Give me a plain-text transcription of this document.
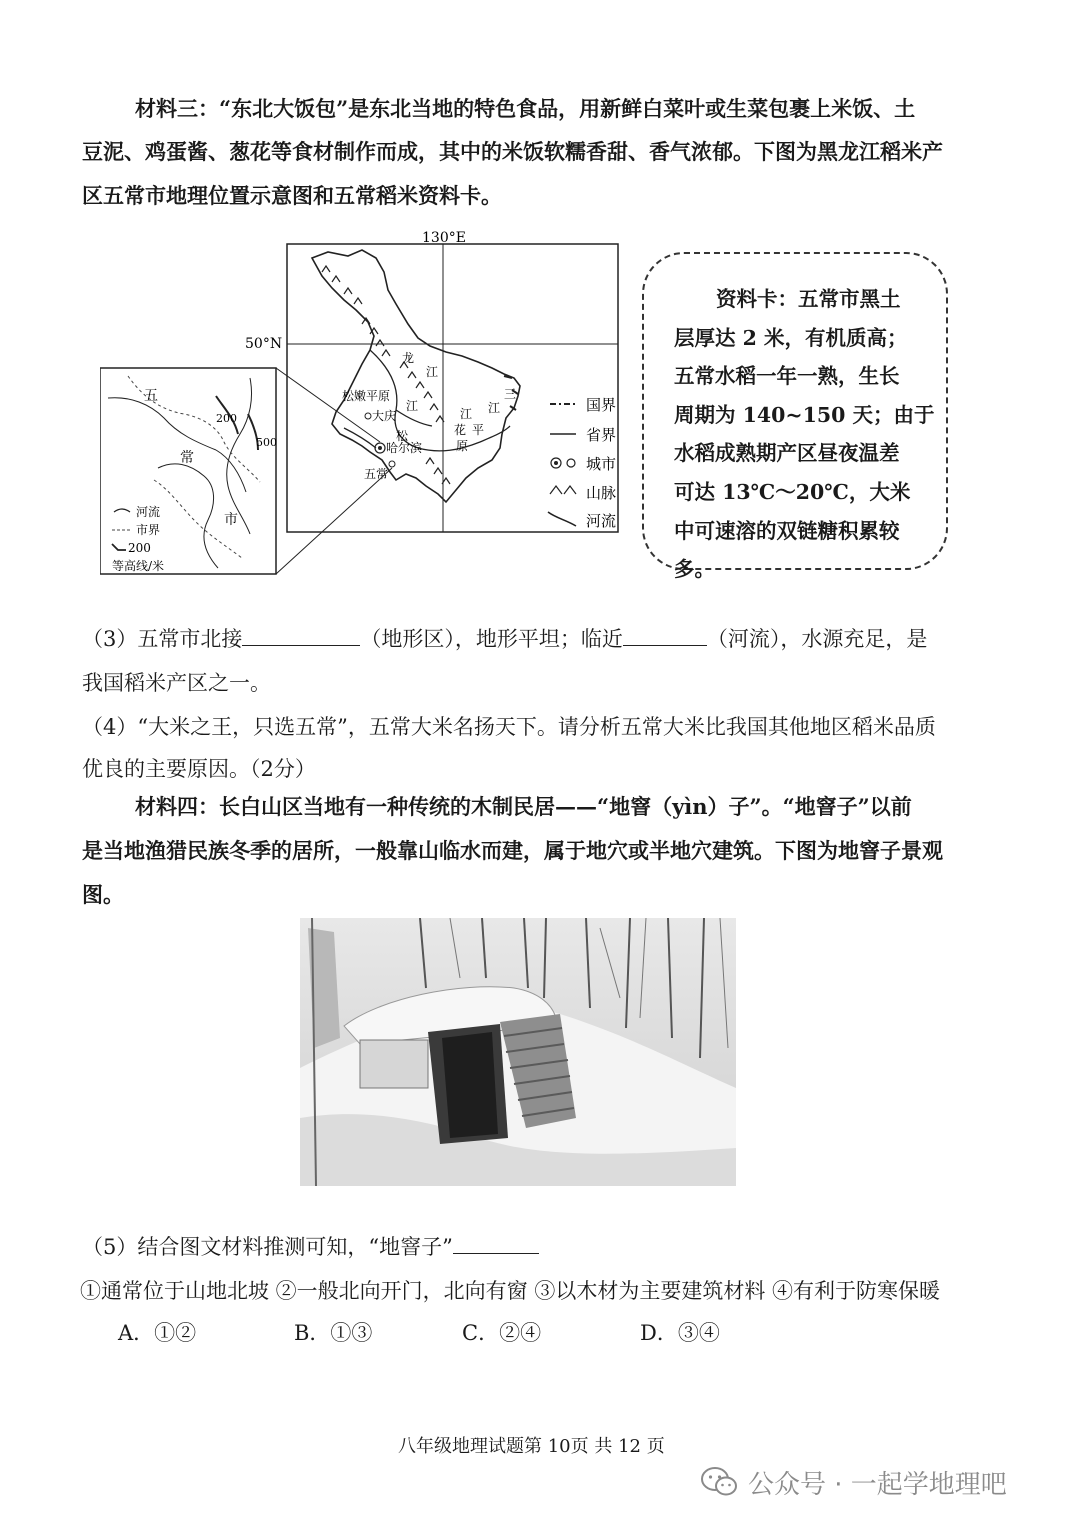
材料三：“东北大饭包”是东北当地的特色食品，用新鲜白菜叶或生菜包裹上米饭、土
豆泥、鸡蛋酱、葱花等食材制作而成，其中的米饭软糯香甜、香气浓郁。下图为黑龙江稻米产
区五常市地理位置示意图和五常稻米资料卡。
130°E
50°N
松嫩平原
大庆
哈尔滨
五常
松
江
花
江
龙
江
三
江
平
原
五
常
市
200
500
河流
市界
200
等高线/米
国界
省界
城市
山脉
河流
资料卡：五常市黑土
层厚达 2 米，有机质高；
五常水稻一年一熟，生长
周期为 140~150 天；由于
水稻成熟期产区昼夜温差
可达 13℃～20℃，大米
中可速溶的双链糖积累较
多。
（3）五常市北接	（地形区），地形平坦；临近	（河流），水源充足，是
我国稻米产区之一。
（4）“大米之王，只选五常”，五常大米名扬天下。请分析五常大米比我国其他地区稻米品质
优良的主要原因。（2分）
材料四：长白山区当地有一种传统的木制民居——“地窨（yìn）子”。“地窨子”以前
是当地渔猎民族冬季的居所，一般靠山临水而建，属于地穴或半地穴建筑。下图为地窨子景观
图。
（5）结合图文材料推测可知，“地窨子”
①通常位于山地北坡 ②一般北向开门，北向有窗 ③以木材为主要建筑材料 ④有利于防寒保暖
A．①②	B．①③	C．②④	D．③④
八年级地理试题第 10页 共 12 页
公众号 · 一起学地理吧
